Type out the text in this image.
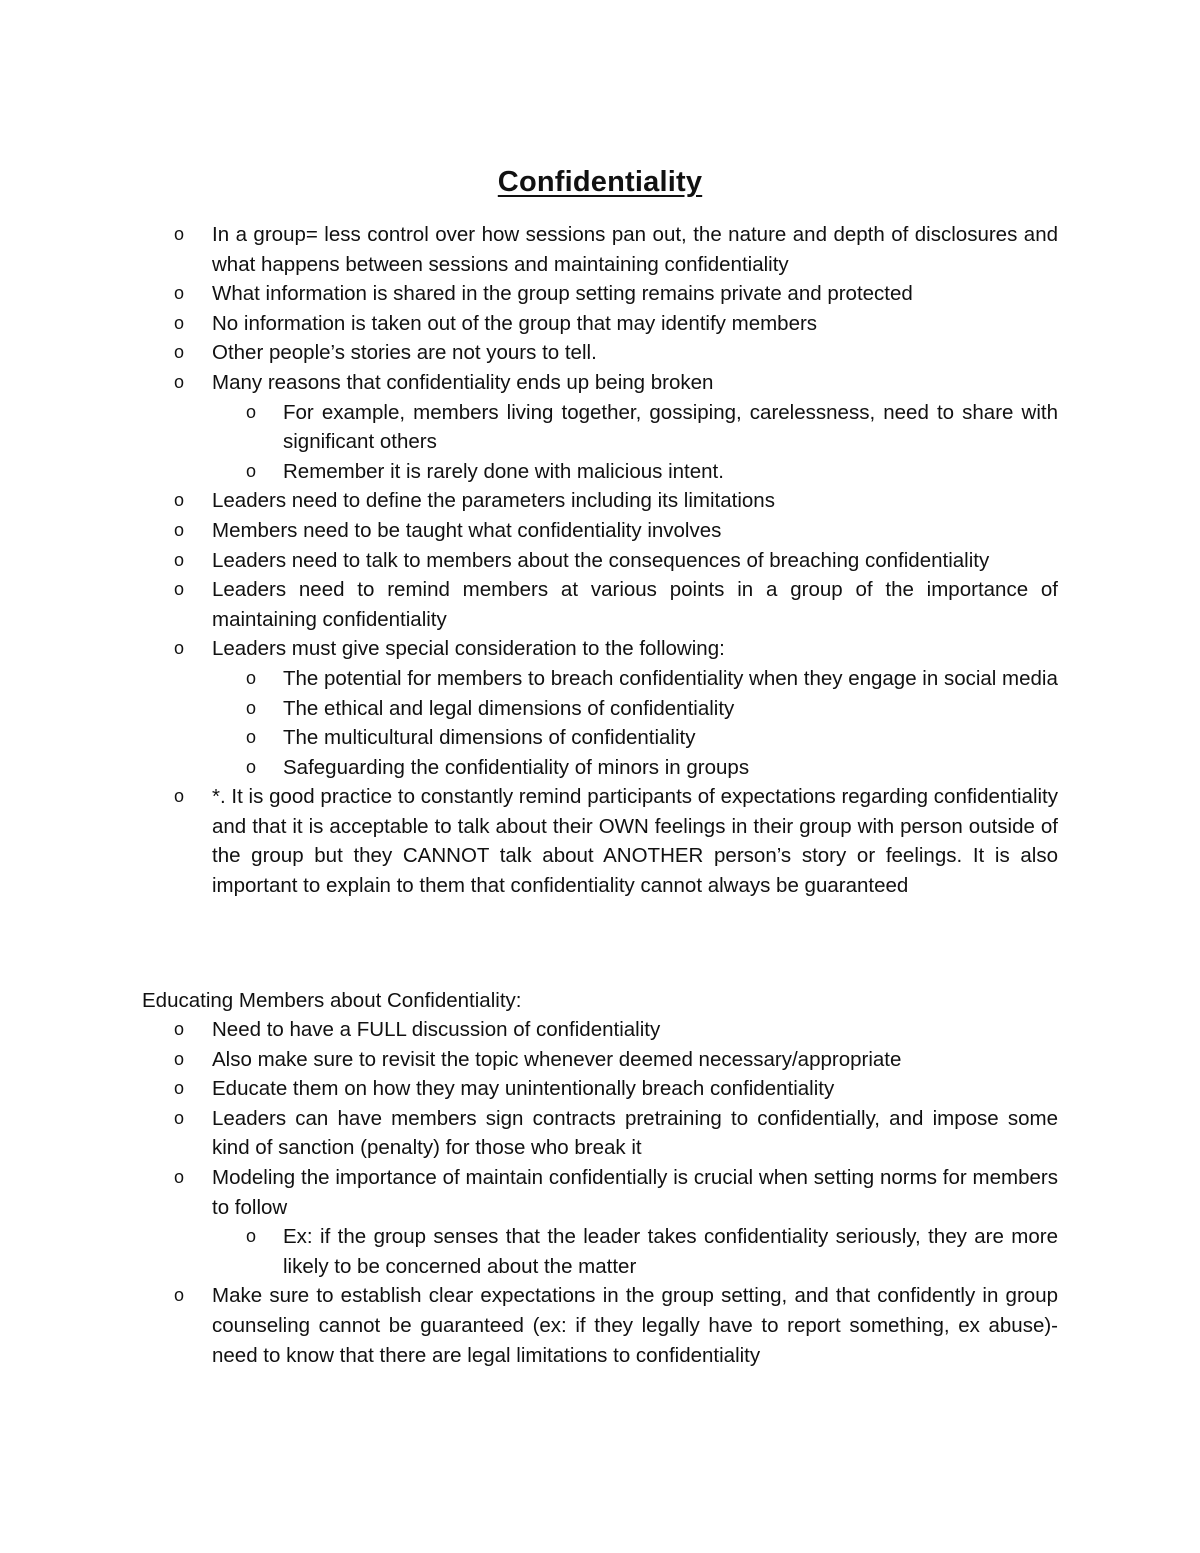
Confidentiality
o In a group= less control over how sessions pan out, the nature and depth of disclosures and what happens between sessions and maintaining confidentiality
o What information is shared in the group setting remains private and protected
o No information is taken out of the group that may identify members
o Other people’s stories are not yours to tell.
o Many reasons that confidentiality ends up being broken
o For example, members living together, gossiping, carelessness, need to share with significant others
o Remember it is rarely done with malicious intent.
o Leaders need to define the parameters including its limitations
o Members need to be taught what confidentiality involves
o Leaders need to talk to members about the consequences of breaching confidentiality
o Leaders need to remind members at various points in a group of the importance of maintaining confidentiality
o Leaders must give special consideration to the following:
o The potential for members to breach confidentiality when they engage in social media
o The ethical and legal dimensions of confidentiality
o The multicultural dimensions of confidentiality
o Safeguarding the confidentiality of minors in groups
o *. It is good practice to constantly remind participants of expectations regarding confidentiality and that it is acceptable to talk about their OWN feelings in their group with person outside of the group but they CANNOT talk about ANOTHER person’s story or feelings. It is also important to explain to them that confidentiality cannot always be guaranteed

Educating Members about Confidentiality:

o Need to have a FULL discussion of confidentiality
o Also make sure to revisit the topic whenever deemed necessary/appropriate
o Educate them on how they may unintentionally breach confidentiality
o Leaders can have members sign contracts pretraining to confidentially, and impose some kind of sanction (penalty) for those who break it
o Modeling the importance of maintain confidentially is crucial when setting norms for members to follow
o Ex: if the group senses that the leader takes confidentiality seriously, they are more likely to be concerned about the matter
o Make sure to establish clear expectations in the group setting, and that confidently in group counseling cannot be guaranteed (ex: if they legally have to report something, ex abuse)- need to know that there are legal limitations to confidentiality
